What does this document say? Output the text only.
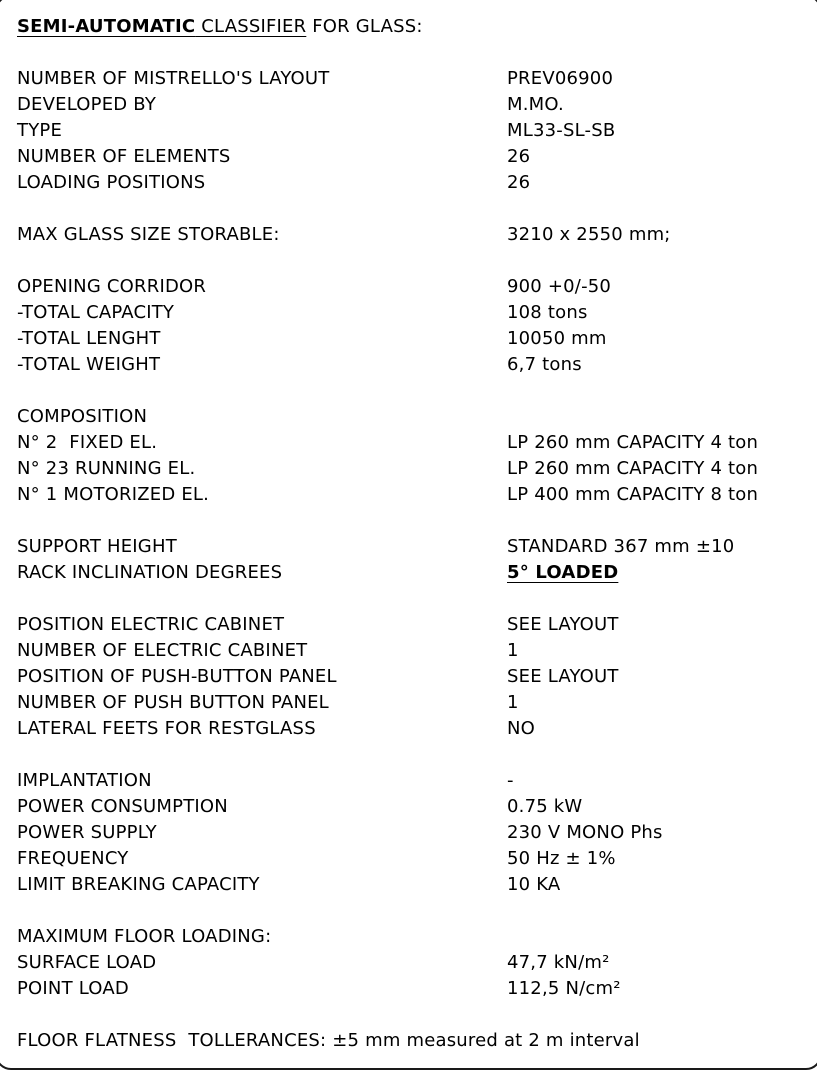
SEMI-AUTOMATIC CLASSIFIER FOR GLASS:

NUMBER OF MISTRELLO'S LAYOUT

	PREV06900

DEVELOPED BY

	M.MO.

TYPE

	ML33-SL-SB

NUMBER OF ELEMENTS

	26

LOADING POSITIONS

	26

MAX GLASS SIZE STORABLE:

	3210 x 2550 mm;

OPENING CORRIDOR

	900 +0/-50

-TOTAL CAPACITY

	108 tons

-TOTAL LENGHT

	10050 mm

-TOTAL WEIGHT

	6,7 tons

COMPOSITION

N° 2  FIXED EL.

	LP 260 mm CAPACITY 4 ton

N° 23 RUNNING EL.

	LP 260 mm CAPACITY 4 ton

N° 1 MOTORIZED EL.

	LP 400 mm CAPACITY 8 ton

SUPPORT HEIGHT

	STANDARD 367 mm ±10

RACK INCLINATION DEGREES

	5° LOADED

POSITION ELECTRIC CABINET

	SEE LAYOUT

NUMBER OF ELECTRIC CABINET

	1

POSITION OF PUSH-BUTTON PANEL

	SEE LAYOUT

NUMBER OF PUSH BUTTON PANEL

	1

LATERAL FEETS FOR RESTGLASS

	NO

IMPLANTATION

	-

POWER CONSUMPTION

	0.75 kW

POWER SUPPLY

	230 V MONO Phs

FREQUENCY

	50 Hz ± 1%

LIMIT BREAKING CAPACITY

	10 KA

MAXIMUM FLOOR LOADING:

SURFACE LOAD

	47,7 kN/m²

POINT LOAD

	112,5 N/cm²

FLOOR FLATNESS  TOLLERANCES: ±5 mm measured at 2 m interval
